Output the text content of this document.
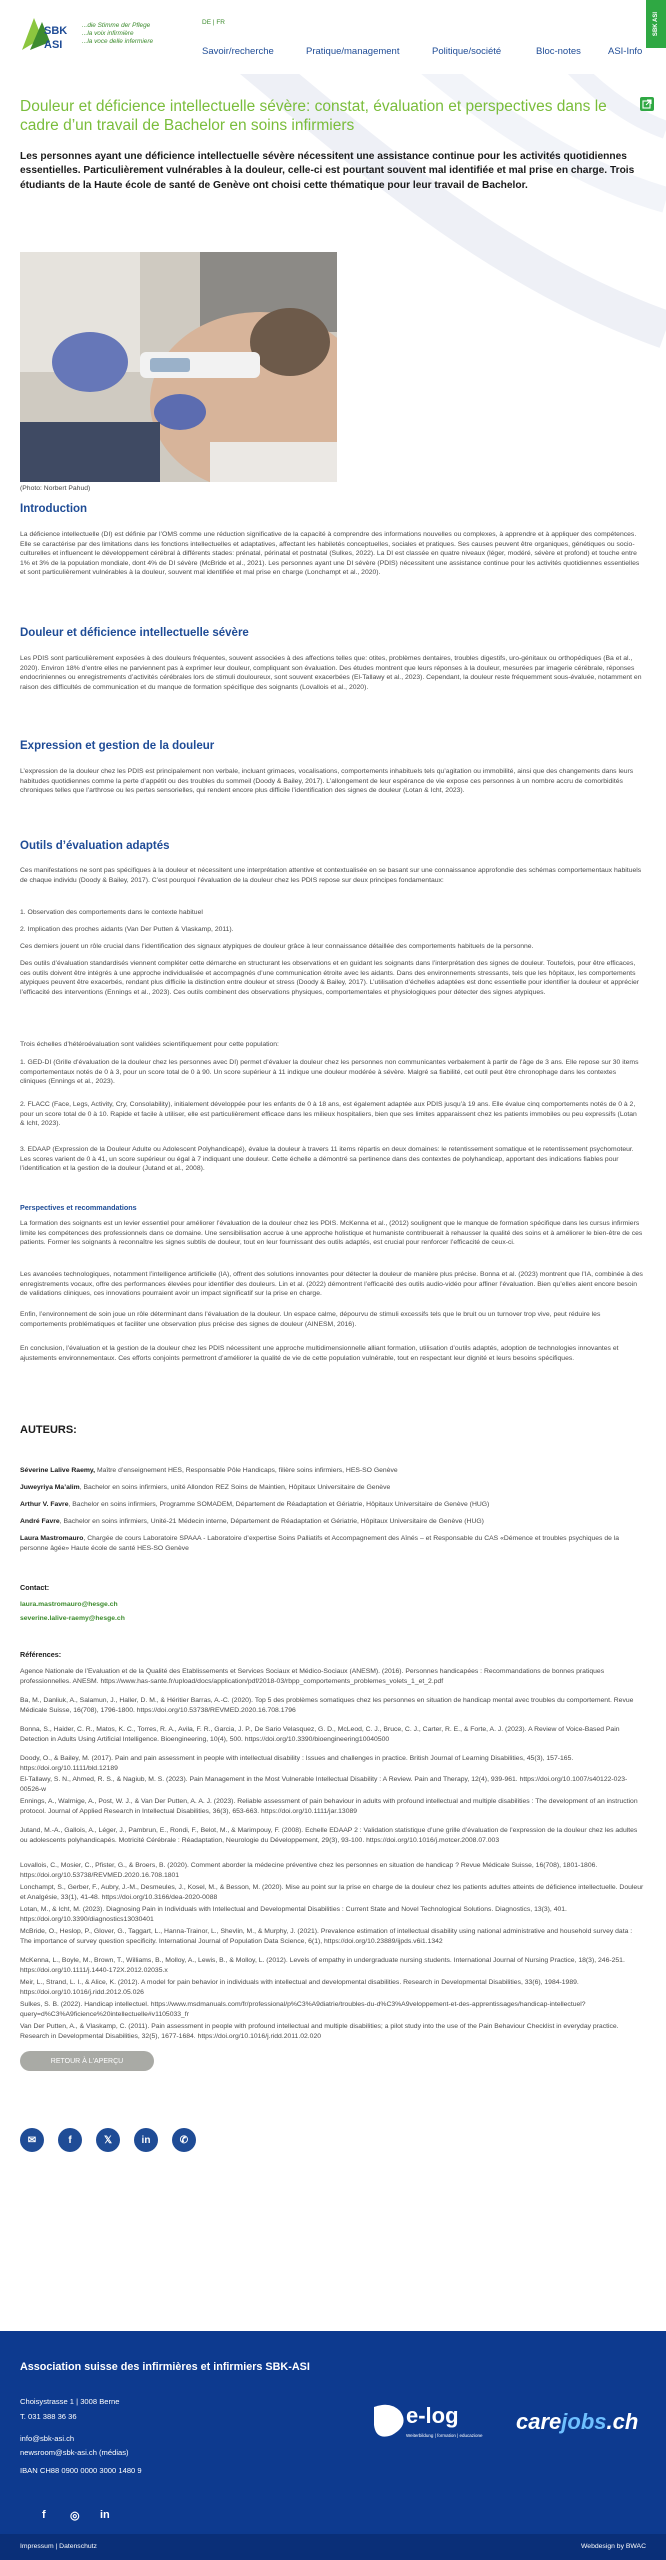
SBK
ASI
...die Stimme der Pflege
...la voix infirmière
...la voce delle infermiere
DE | FR
Savoir/recherche	Pratique/management	Politique/société	Bloc-notes	ASI-Info
SBK ASI
Douleur et déficience intellectuelle sévère: constat, évaluation et perspectives dans le cadre d’un travail de Bachelor en soins infirmiers

Les personnes ayant une déficience intellectuelle sévère nécessitent une assistance continue pour les activités quotidiennes essentielles. Particulièrement vulnérables à la douleur, celle-ci est pourtant souvent mal identifiée et mal prise en charge. Trois étudiants de la Haute école de santé de Genève ont choisi cette thématique pour leur travail de Bachelor.

(Photo: Norbert Pahud)
Introduction

La déficience intellectuelle (DI) est définie par l’OMS comme une réduction significative de la capacité à comprendre des informations nouvelles ou complexes, à apprendre et à appliquer des compétences. Elle se caractérise par des limitations dans les fonctions intellectuelles et adaptatives, affectant les habiletés conceptuelles, sociales et pratiques. Ses causes peuvent être organiques, génétiques ou socio-culturelles et influencent le développement cérébral à différents stades: prénatal, périnatal et postnatal (Sulkes, 2022). La DI est classée en quatre niveaux (léger, modéré, sévère et profond) et touche entre 1% et 3% de la population mondiale, dont 4% de DI sévère (McBride et al., 2021). Les personnes ayant une DI sévère (PDIS) nécessitent une assistance continue pour les activités quotidiennes essentielles et sont particulièrement vulnérables à la douleur, souvent mal identifiée et mal prise en charge (Lonchampt et al., 2020).

Douleur et déficience intellectuelle sévère

Les PDIS sont particulièrement exposées à des douleurs fréquentes, souvent associées à des affections telles que: otites, problèmes dentaires, troubles digestifs, uro-génitaux ou orthopédiques (Ba et al., 2020). Environ 18% d’entre elles ne parviennent pas à exprimer leur douleur, compliquant son évaluation. Des études montrent que leurs réponses à la douleur, mesurées par imagerie cérébrale, réponses endocriniennes ou enregistrements d’activités cérébrales lors de stimuli douloureux, sont souvent exacerbées (El-Tallawy et al., 2023). Cependant, la douleur reste fréquemment sous-évaluée, notamment en raison des difficultés de communication et du manque de formation spécifique des soignants (Lovallois et al., 2020).

Expression et gestion de la douleur

L’expression de la douleur chez les PDIS est principalement non verbale, incluant grimaces, vocalisations, comportements inhabituels tels qu’agitation ou immobilité, ainsi que des changements dans leurs habitudes quotidiennes comme la perte d’appétit ou des troubles du sommeil (Doody & Bailey, 2017). L’allongement de leur espérance de vie expose ces personnes à un nombre accru de comorbidités chroniques telles que l’arthrose ou les pertes sensorielles, qui rendent encore plus difficile l’identification des signes de douleur (Lotan & Icht, 2023).

Outils d’évaluation adaptés

Ces manifestations ne sont pas spécifiques à la douleur et nécessitent une interprétation attentive et contextualisée en se basant sur une connaissance approfondie des schémas comportementaux habituels de chaque individu (Doody & Bailey, 2017). C’est pourquoi l’évaluation de la douleur chez les PDIS repose sur deux principes fondamentaux:

1. Observation des comportements dans le contexte habituel
2. Implication des proches aidants (Van Der Putten & Vlaskamp, 2011).

Ces derniers jouent un rôle crucial dans l’identification des signaux atypiques de douleur grâce à leur connaissance détaillée des comportements habituels de la personne.

Des outils d’évaluation standardisés viennent compléter cette démarche en structurant les observations et en guidant les soignants dans l’interprétation des signes de douleur. Toutefois, pour être efficaces, ces outils doivent être intégrés à une approche individualisée et accompagnés d’une communication étroite avec les aidants. Dans des environnements stressants, tels que les hôpitaux, les comportements atypiques peuvent être exacerbés, rendant plus difficile la distinction entre douleur et stress (Doody & Bailey, 2017). L’utilisation d’échelles adaptées est donc essentielle pour identifier la douleur et apprécier l’efficacité des interventions (Ennings et al., 2023). Ces outils combinent des observations physiques, comportementales et physiologiques pour détecter des signes atypiques.

Trois échelles d’hétéroévaluation sont validées scientifiquement pour cette population:

1. GED-DI (Grille d’évaluation de la douleur chez les personnes avec DI) permet d’évaluer la douleur chez les personnes non communicantes verbalement à partir de l’âge de 3 ans. Elle repose sur 30 items comportementaux notés de 0 à 3, pour un score total de 0 à 90. Un score supérieur à 11 indique une douleur modérée à sévère. Malgré sa fiabilité, cet outil peut être chronophage dans les contextes cliniques (Ennings et al., 2023).
2. FLACC (Face, Legs, Activity, Cry, Consolability), initialement développée pour les enfants de 0 à 18 ans, est également adaptée aux PDIS jusqu’à 19 ans. Elle évalue cinq comportements notés de 0 à 2, pour un score total de 0 à 10. Rapide et facile à utiliser, elle est particulièrement efficace dans les milieux hospitaliers, bien que ses limites apparaissent chez les patients immobiles ou peu expressifs (Lotan & Icht, 2023).
3. EDAAP (Expression de la Douleur Adulte ou Adolescent Polyhandicapé), évalue la douleur à travers 11 items répartis en deux domaines: le retentissement somatique et le retentissement psychomoteur. Les scores varient de 0 à 41, un score supérieur ou égal à 7 indiquant une douleur. Cette échelle a démontré sa pertinence dans des contextes de polyhandicap, apportant des indications fiables pour l’identification et la gestion de la douleur (Jutand et al., 2008).
Perspectives et recommandations

La formation des soignants est un levier essentiel pour améliorer l’évaluation de la douleur chez les PDIS. McKenna et al., (2012) soulignent que le manque de formation spécifique dans les cursus infirmiers limite les compétences des professionnels dans ce domaine. Une sensibilisation accrue à une approche holistique et humaniste contribuerait à rehausser la qualité des soins et à améliorer le bien-être de ces patients. Former les soignants à reconnaître les signes subtils de douleur, tout en leur fournissant des outils adaptés, est crucial pour renforcer l’efficacité de ceux-ci.

Les avancées technologiques, notamment l’intelligence artificielle (IA), offrent des solutions innovantes pour détecter la douleur de manière plus précise. Bonna et al. (2023) montrent que l’IA, combinée à des enregistrements vocaux, offre des performances élevées pour identifier des douleurs. Lin et al. (2022) démontrent l’efficacité des outils audio-vidéo pour affiner l’évaluation. Bien qu’elles aient encore besoin de validations cliniques, ces innovations pourraient avoir un impact significatif sur la prise en charge.

Enfin, l’environnement de soin joue un rôle déterminant dans l’évaluation de la douleur. Un espace calme, dépourvu de stimuli excessifs tels que le bruit ou un turnover trop vive, peut réduire les comportements problématiques et faciliter une observation plus précise des signes de douleur (AINESM, 2016).

En conclusion, l’évaluation et la gestion de la douleur chez les PDIS nécessitent une approche multidimensionnelle alliant formation, utilisation d’outils adaptés, adoption de technologies innovantes et ajustements environnementaux. Ces efforts conjoints permettront d’améliorer la qualité de vie de cette population vulnérable, tout en respectant leur dignité et leurs besoins spécifiques.

AUTEURS:
Séverine Lalive Raemy, Maître d’enseignement HES, Responsable Pôle Handicaps, filière soins infirmiers, HES-SO Genève
Juweyriya Ma’alim, Bachelor en soins infirmiers, unité Allondon REZ Soins de Maintien, Hôpitaux Universitaire de Genève
Arthur V. Favre, Bachelor en soins infirmiers, Programme SOMADEM, Département de Réadaptation et Gériatrie, Hôpitaux Universitaire de Genève (HUG)
André Favre, Bachelor en soins infirmiers, Unité-21 Médecin interne, Département de Réadaptation et Gériatrie, Hôpitaux Universitaire de Genève (HUG)
Laura Mastromauro, Chargée de cours Laboratoire SPAAA - Laboratoire d’expertise Soins Palliatifs et Accompagnement des Aînés – et Responsable du CAS «Démence et troubles psychiques de la personne âgée» Haute école de santé HES-SO Genève
Contact:
laura.mastromauro@hesge.ch
severine.lalive-raemy@hesge.ch
Références:
Agence Nationale de l’Evaluation et de la Qualité des Etablissements et Services Sociaux et Médico-Sociaux (ANESM). (2016). Personnes handicapées : Recommandations de bonnes pratiques professionnelles. ANESM. https://www.has-sante.fr/upload/docs/application/pdf/2018-03/rbpp_comportements_problemes_volets_1_et_2.pdf
Ba, M., Danliuk, A., Salamun, J., Haller, D. M., & Héritier Barras, A.-C. (2020). Top 5 des problèmes somatiques chez les personnes en situation de handicap mental avec troubles du comportement. Revue Médicale Suisse, 16(708), 1796-1800. https://doi.org/10.53738/REVMED.2020.16.708.1796
Bonna, S., Haider, C. R., Matos, K. C., Torres, R. A., Avila, F. R., Garcia, J. P., De Sario Velasquez, G. D., McLeod, C. J., Bruce, C. J., Carter, R. E., & Forte, A. J. (2023). A Review of Voice-Based Pain Detection in Adults Using Artificial Intelligence. Bioengineering, 10(4), 500. https://doi.org/10.3390/bioengineering10040500
Doody, O., & Bailey, M. (2017). Pain and pain assessment in people with intellectual disability : Issues and challenges in practice. British Journal of Learning Disabilities, 45(3), 157-165. https://doi.org/10.1111/bld.12189
El-Tallawy, S. N., Ahmed, R. S., & Nagiub, M. S. (2023). Pain Management in the Most Vulnerable Intellectual Disability : A Review. Pain and Therapy, 12(4), 939-961. https://doi.org/10.1007/s40122-023-00526-w
Ennings, A., Walrnige, A., Post, W. J., & Van Der Putten, A. A. J. (2023). Reliable assessment of pain behaviour in adults with profound intellectual and multiple disabilities : The development of an instruction protocol. Journal of Applied Research in Intellectual Disabilities, 36(3), 653-663. https://doi.org/10.1111/jar.13089
Jutand, M.-A., Gallois, A., Léger, J., Pambrun, E., Rondi, F., Belot, M., & Marimpouy, F. (2008). Echelle EDAAP 2 : Validation statistique d’une grille d’évaluation de l’expression de la douleur chez les adultes ou adolescents polyhandicapés. Motricité Cérébrale : Réadaptation, Neurologie du Développement, 29(3), 93-100. https://doi.org/10.1016/j.motcer.2008.07.003
Lovallois, C., Mosier, C., Pfister, G., & Broers, B. (2020). Comment aborder la médecine préventive chez les personnes en situation de handicap ? Revue Médicale Suisse, 16(708), 1801-1806. https://doi.org/10.53738/REVMED.2020.16.708.1801
Lonchampt, S., Gerber, F., Aubry, J.-M., Desmeules, J., Kosel, M., & Besson, M. (2020). Mise au point sur la prise en charge de la douleur chez les patients adultes atteints de déficience intellectuelle. Douleur et Analgésie, 33(1), 41-48. https://doi.org/10.3166/dea-2020-0088
Lotan, M., & Icht, M. (2023). Diagnosing Pain in Individuals with Intellectual and Developmental Disabilities : Current State and Novel Technological Solutions. Diagnostics, 13(3), 401. https://doi.org/10.3390/diagnostics13030401
McBride, O., Heslop, P., Glover, G., Taggart, L., Hanna-Trainor, L., Shevlin, M., & Murphy, J. (2021). Prevalence estimation of intellectual disability using national administrative and household survey data : The importance of survey question specificity. International Journal of Population Data Science, 6(1), https://doi.org/10.23889/ijpds.v6i1.1342
McKenna, L., Boyle, M., Brown, T., Williams, B., Molloy, A., Lewis, B., & Molloy, L. (2012). Levels of empathy in undergraduate nursing students. International Journal of Nursing Practice, 18(3), 246-251. https://doi.org/10.1111/j.1440-172X.2012.02035.x
Meir, L., Strand, L. I., & Alice, K. (2012). A model for pain behavior in individuals with intellectual and developmental disabilities. Research in Developmental Disabilities, 33(6), 1984-1989. https://doi.org/10.1016/j.ridd.2012.05.026
Sulkes, S. B. (2022). Handicap intellectuel. https://www.msdmanuals.com/fr/professional/p%C3%A9diatrie/troubles-du-d%C3%A9veloppement-et-des-apprentissages/handicap-intellectuel?query=d%C3%A9ficience%20intellectuelle#v1105033_fr
Van Der Putten, A., & Vlaskamp, C. (2011). Pain assessment in people with profound intellectual and multiple disabilities; a pilot study into the use of the Pain Behaviour Checklist in everyday practice. Research in Developmental Disabilities, 32(5), 1677-1684. https://doi.org/10.1016/j.ridd.2011.02.020
RETOUR À L'APERÇU
✉	f	𝕏	in	✆
Association suisse des infirmières et infirmiers SBK-ASI
Choisystrasse 1 | 3008 Berne
T. 031 388 36 36
info@sbk-asi.ch
newsroom@sbk-asi.ch (médias)
IBAN CH88 0900 0000 3000 1480 9
f ◎ in
e-log
Weiterbildung | formation | educazione
carejobs.ch
Impressum | Datenschutz	Webdesign by BWAC
